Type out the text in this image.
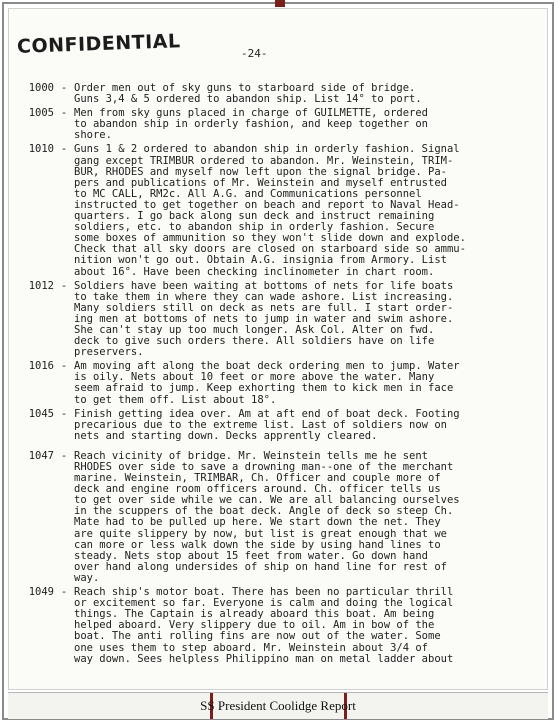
CONFIDENTIAL	-24-
1000 - Order men out of sky guns to starboard side of bridge.
Guns 3,4 & 5 ordered to abandon ship. List 14° to port.
1005 - Men from sky guns placed in charge of GUILMETTE, ordered
to abandon ship in orderly fashion, and keep together on
shore.
1010 - Guns 1 & 2 ordered to abandon ship in orderly fashion. Signal
gang except TRIMBUR ordered to abandon. Mr. Weinstein, TRIM-
BUR, RHODES and myself now left upon the signal bridge. Pa-
pers and publications of Mr. Weinstein and myself entrusted
to MC CALL, RM2c. All A.G. and Communications personnel
instructed to get together on beach and report to Naval Head-
quarters. I go back along sun deck and instruct remaining
soldiers, etc. to abandon ship in orderly fashion. Secure
some boxes of ammunition so they won't slide down and explode.
Check that all sky doors are closed on starboard side so ammu-
nition won't go out. Obtain A.G. insignia from Armory. List
about 16°. Have been checking inclinometer in chart room.
1012 - Soldiers have been waiting at bottoms of nets for life boats
to take them in where they can wade ashore. List increasing.
Many soldiers still on deck as nets are full. I start order-
ing men at bottoms of nets to jump in water and swim ashore.
She can't stay up too much longer. Ask Col. Alter on fwd.
deck to give such orders there. All soldiers have on life
preservers.
1016 - Am moving aft along the boat deck ordering men to jump. Water
is oily. Nets about 10 feet or more above the water. Many
seem afraid to jump. Keep exhorting them to kick men in face
to get them off. List about 18°.
1045 - Finish getting idea over. Am at aft end of boat deck. Footing
precarious due to the extreme list. Last of soldiers now on
nets and starting down. Decks apprently cleared.
1047 - Reach vicinity of bridge. Mr. Weinstein tells me he sent
RHODES over side to save a drowning man--one of the merchant
marine. Weinstein, TRIMBAR, Ch. Officer and couple more of
deck and engine room officers around. Ch. officer tells us
to get over side while we can. We are all balancing ourselves
in the scuppers of the boat deck. Angle of deck so steep Ch.
Mate had to be pulled up here. We start down the net. They
are quite slippery by now, but list is great enough that we
can more or less walk down the side by using hand lines to
steady. Nets stop about 15 feet from water. Go down hand
over hand along undersides of ship on hand line for rest of
way.
1049 - Reach ship's motor boat. There has been no particular thrill
or excitement so far. Everyone is calm and doing the logical
things. The Captain is already aboard this boat. Am being
helped aboard. Very slippery due to oil. Am in bow of the
boat. The anti rolling fins are now out of the water. Some
one uses them to step aboard. Mr. Weinstein about 3/4 of
way down. Sees helpless Philippino man on metal ladder about
SS President Coolidge Report
